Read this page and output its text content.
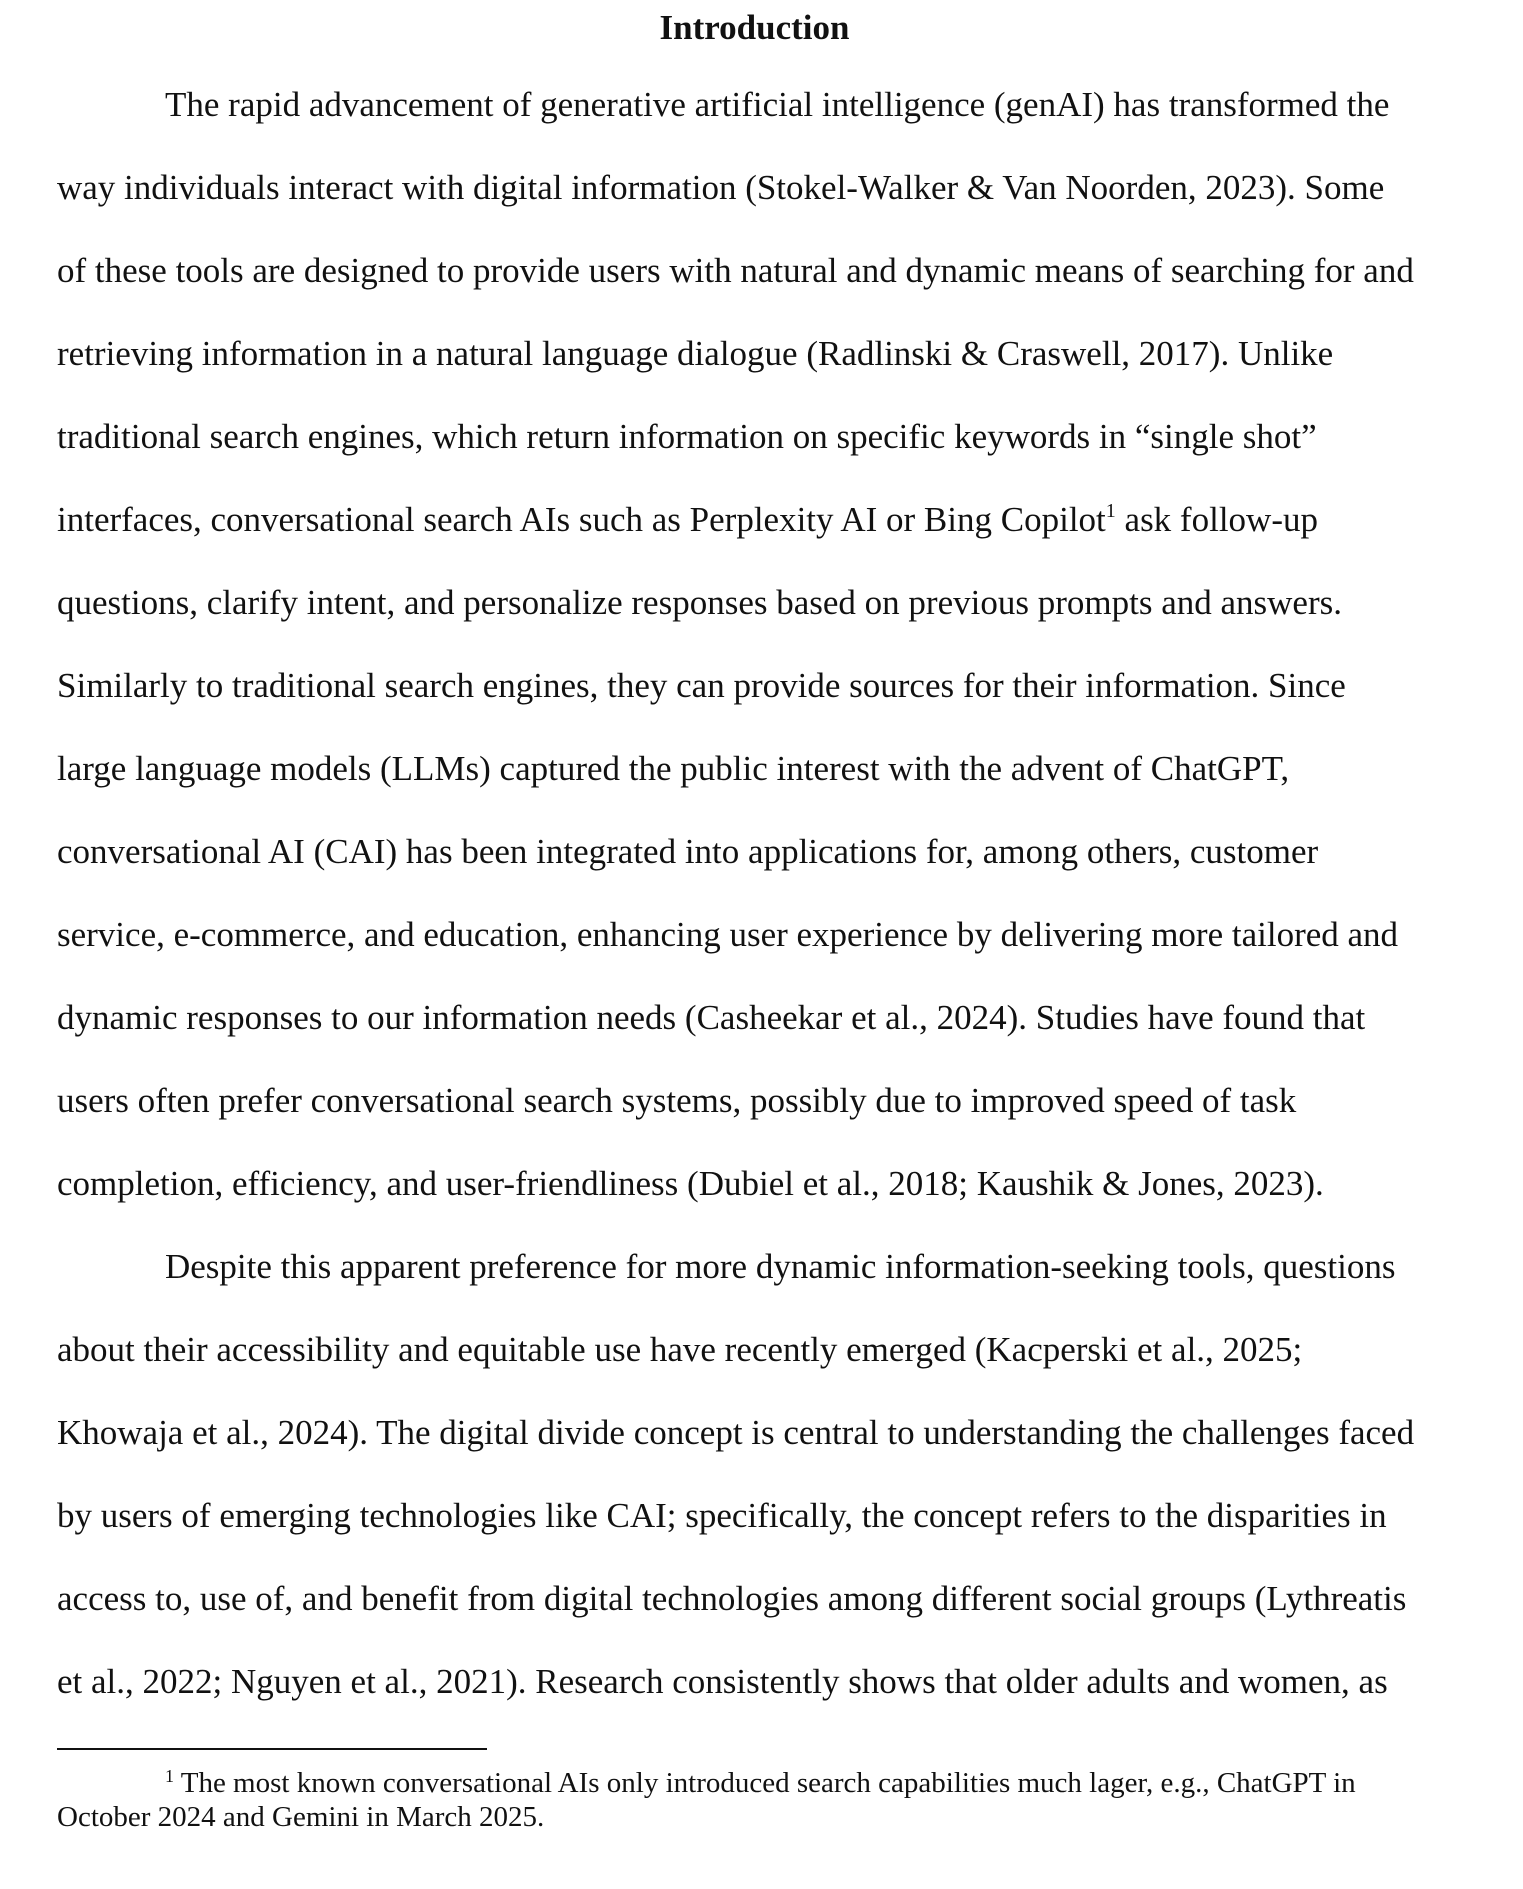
Introduction
The rapid advancement of generative artificial intelligence (genAI) has transformed the
way individuals interact with digital information (Stokel-Walker & Van Noorden, 2023). Some
of these tools are designed to provide users with natural and dynamic means of searching for and
retrieving information in a natural language dialogue (Radlinski & Craswell, 2017). Unlike
traditional search engines, which return information on specific keywords in “single shot”
interfaces, conversational search AIs such as Perplexity AI or Bing Copilot$^1$ ask follow-up
questions, clarify intent, and personalize responses based on previous prompts and answers.
Similarly to traditional search engines, they can provide sources for their information. Since
large language models (LLMs) captured the public interest with the advent of ChatGPT,
conversational AI (CAI) has been integrated into applications for, among others, customer
service, e-commerce, and education, enhancing user experience by delivering more tailored and
dynamic responses to our information needs (Casheekar et al., 2024). Studies have found that
users often prefer conversational search systems, possibly due to improved speed of task
completion, efficiency, and user-friendliness (Dubiel et al., 2018; Kaushik & Jones, 2023).
Despite this apparent preference for more dynamic information-seeking tools, questions
about their accessibility and equitable use have recently emerged (Kacperski et al., 2025;
Khowaja et al., 2024). The digital divide concept is central to understanding the challenges faced
by users of emerging technologies like CAI; specifically, the concept refers to the disparities in
access to, use of, and benefit from digital technologies among different social groups (Lythreatis
et al., 2022; Nguyen et al., 2021). Research consistently shows that older adults and women, as
$^1$ The most known conversational AIs only introduced search capabilities much lager, e.g., ChatGPT in
October 2024 and Gemini in March 2025.
